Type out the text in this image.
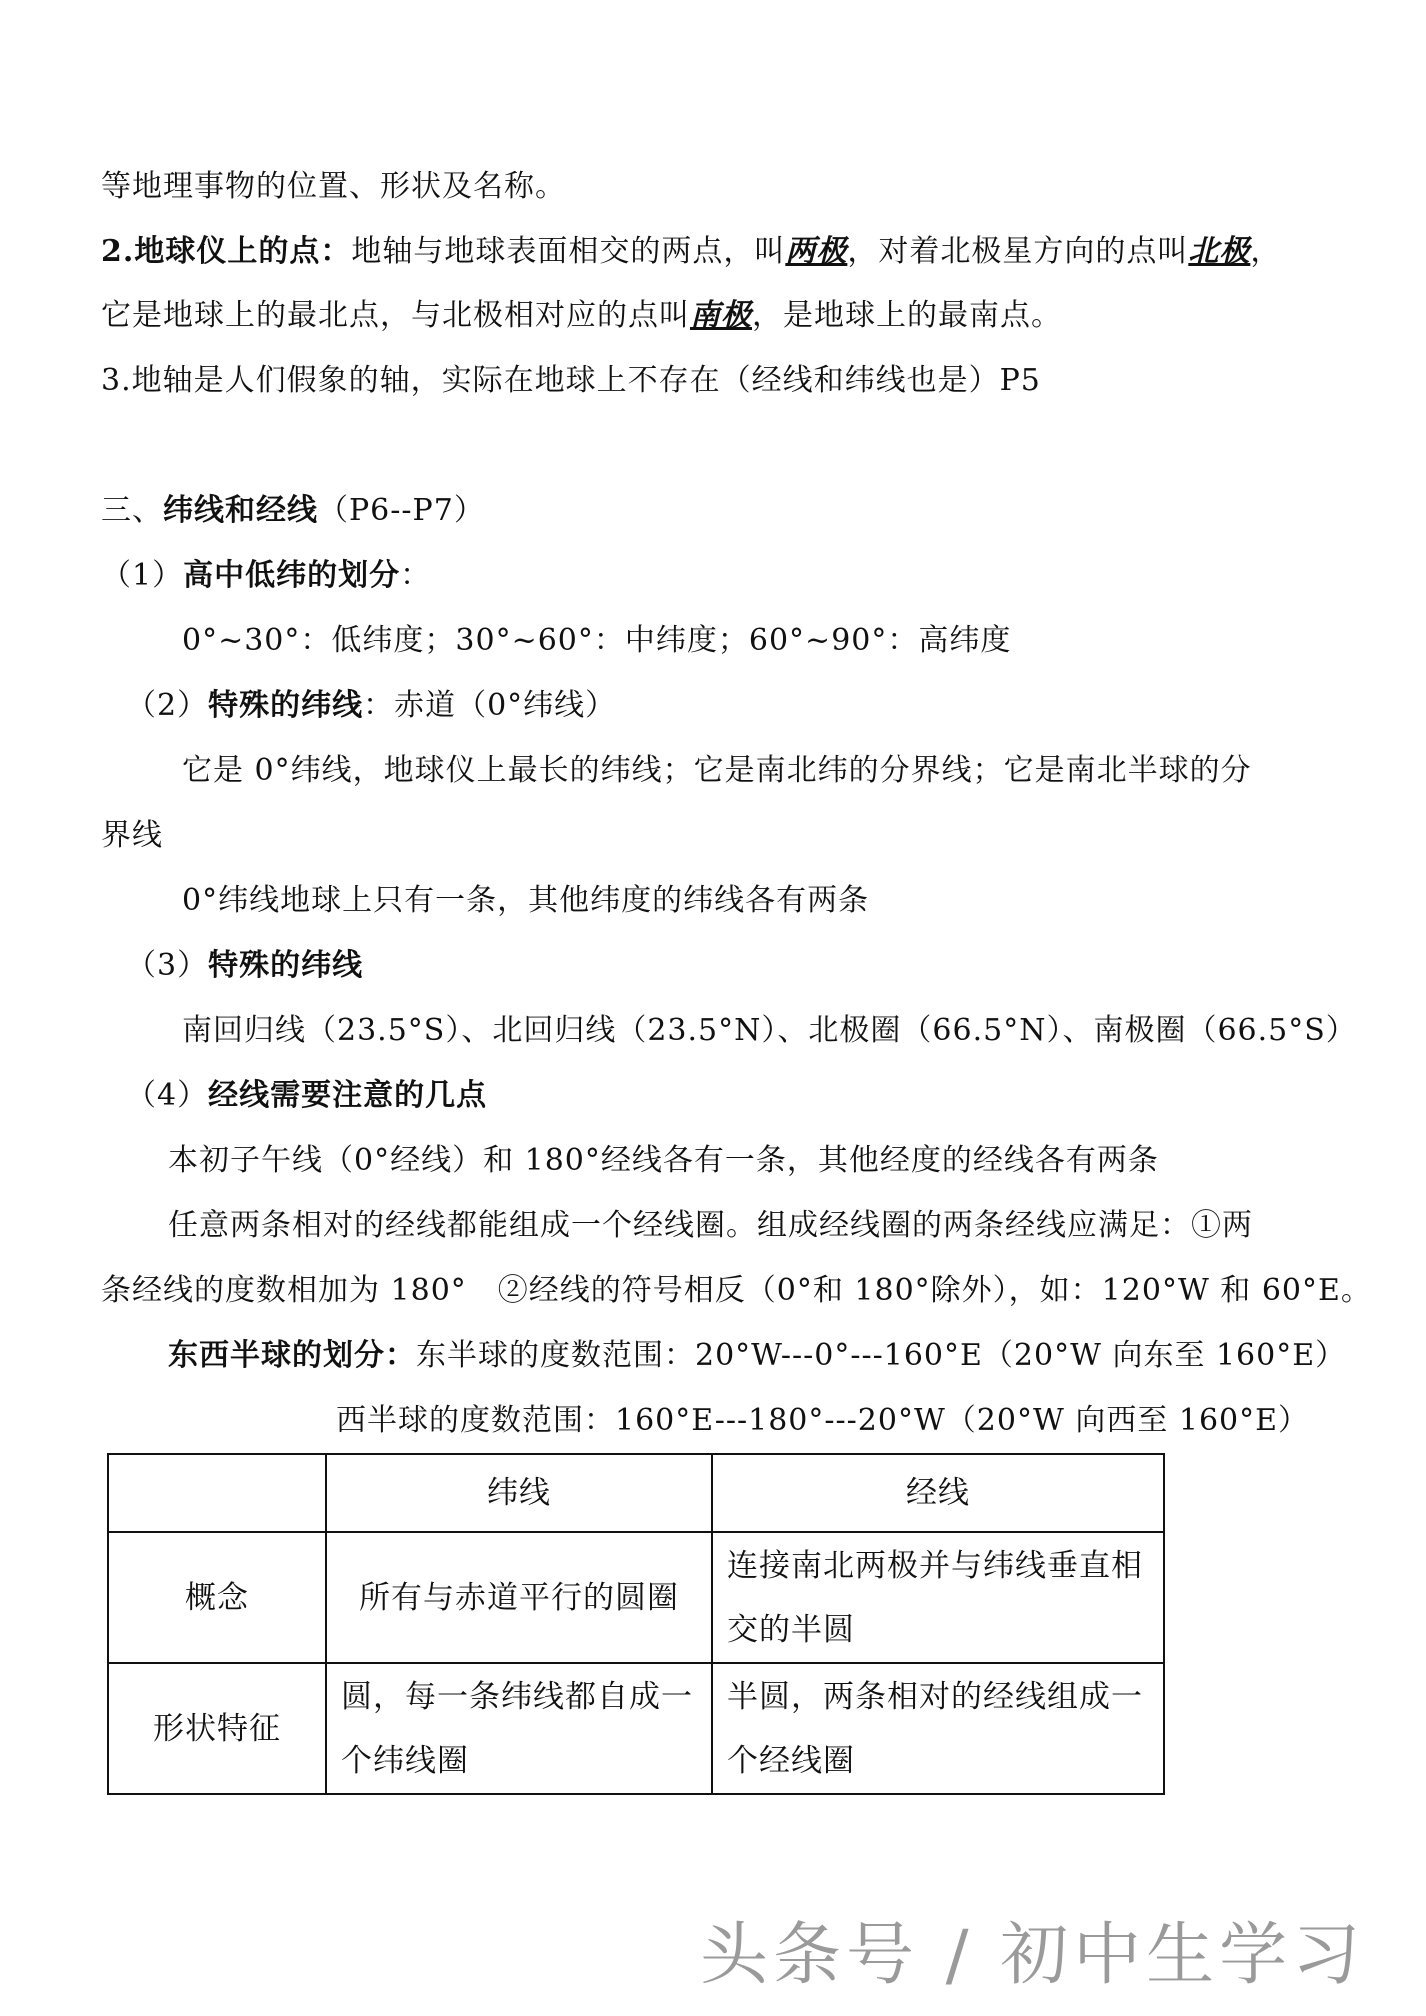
等地理事物的位置、形状及名称。
2.地球仪上的点：地轴与地球表面相交的两点，叫两极，对着北极星方向的点叫北极，
它是地球上的最北点，与北极相对应的点叫南极，是地球上的最南点。
3.地轴是人们假象的轴，实际在地球上不存在（经线和纬线也是）P5
三、纬线和经线（P6--P7）
（1）高中低纬的划分：
0°~30°：低纬度；30°~60°：中纬度；60°~90°：高纬度
（2）特殊的纬线：赤道（0°纬线）
它是 0°纬线，地球仪上最长的纬线；它是南北纬的分界线；它是南北半球的分
界线
0°纬线地球上只有一条，其他纬度的纬线各有两条
（3）特殊的纬线
南回归线（23.5°S）、北回归线（23.5°N）、北极圈（66.5°N）、南极圈（66.5°S）
（4）经线需要注意的几点
本初子午线（0°经线）和 180°经线各有一条，其他经度的经线各有两条
任意两条相对的经线都能组成一个经线圈。组成经线圈的两条经线应满足：①两
条经线的度数相加为 180°　②经线的符号相反（0°和 180°除外），如：120°W 和 60°E。
东西半球的划分：东半球的度数范围：20°W---0°---160°E（20°W 向东至 160°E）
西半球的度数范围：160°E---180°---20°W（20°W 向西至 160°E）
	纬线	经线
概念	所有与赤道平行的圆圈	连接南北两极并与纬线垂直相交的半圆
形状特征	圆，每一条纬线都自成一个纬线圈	半圆，两条相对的经线组成一个经线圈
头条号 / 初中生学习
